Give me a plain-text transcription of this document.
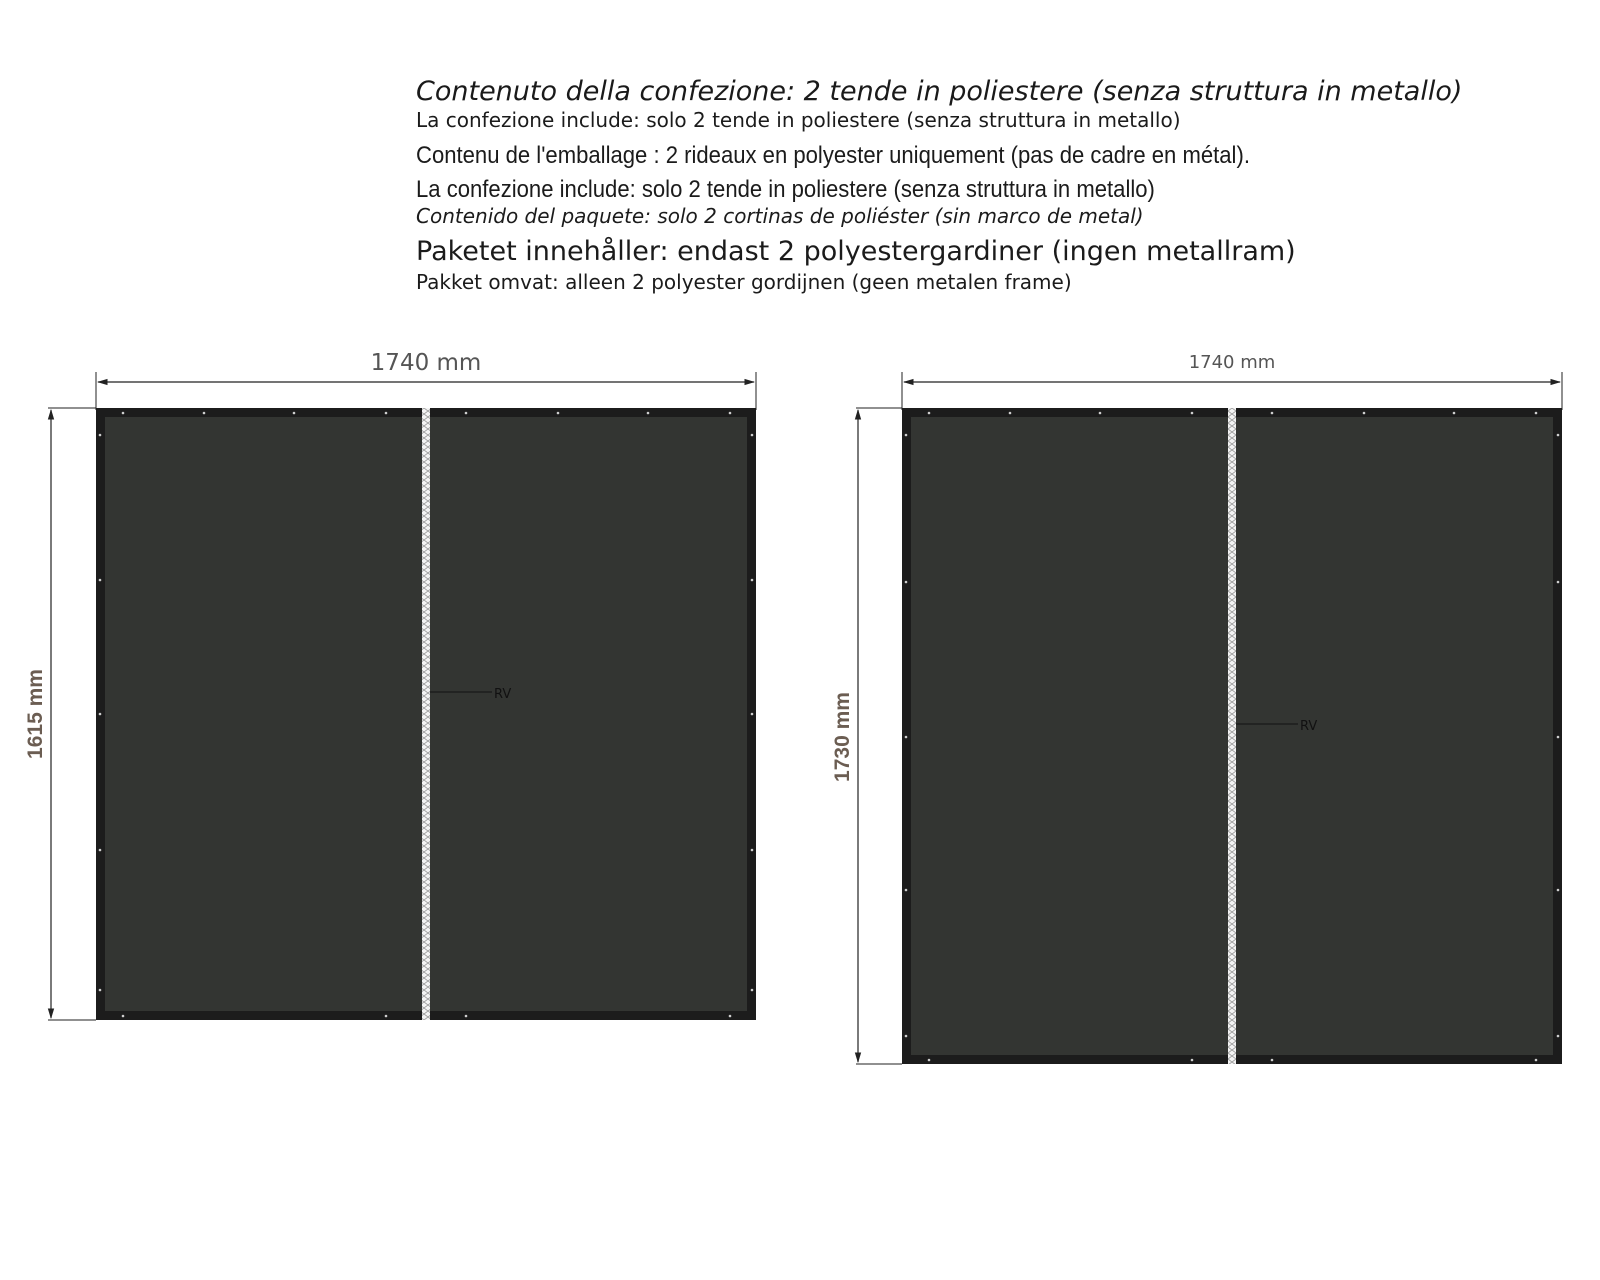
Contenuto della confezione: 2 tende in poliestere (senza struttura in metallo)
La confezione include: solo 2 tende in poliestere (senza struttura in metallo)
Contenu de l'emballage : 2 rideaux en polyester uniquement (pas de cadre en métal).
La confezione include: solo 2 tende in poliestere (senza struttura in metallo)
Contenido del paquete: solo 2 cortinas de poliéster (sin marco de metal)
Paketet innehåller: endast 2 polyestergardiner (ingen metallram)
Pakket omvat: alleen 2 polyester gordijnen (geen metalen frame)
1740 mm
1615 mm	RV
1740 mm
1730 mm	RV
